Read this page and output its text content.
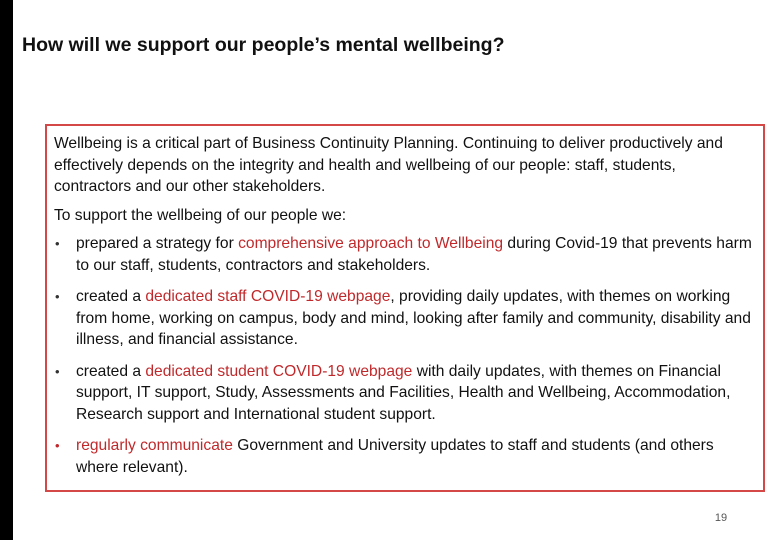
How will we support our people’s mental wellbeing?

Wellbeing is a critical part of Business Continuity Planning. Continuing to deliver productively and effectively depends on the integrity and health and wellbeing of our people: staff, students, contractors and our other stakeholders.

To support the wellbeing of our people we:

• prepared a strategy for comprehensive approach to Wellbeing during Covid-19 that prevents harm to our staff, students, contractors and stakeholders.
• created a dedicated staff COVID-19 webpage, providing daily updates, with themes on working from home, working on campus, body and mind, looking after family and community, disability and illness, and financial assistance.
• created a dedicated student COVID-19 webpage with daily updates, with themes on Financial support, IT support, Study, Assessments and Facilities, Health and Wellbeing, Accommodation, Research support and International student support.
• regularly communicate Government and University updates to staff and students (and others where relevant).
19
